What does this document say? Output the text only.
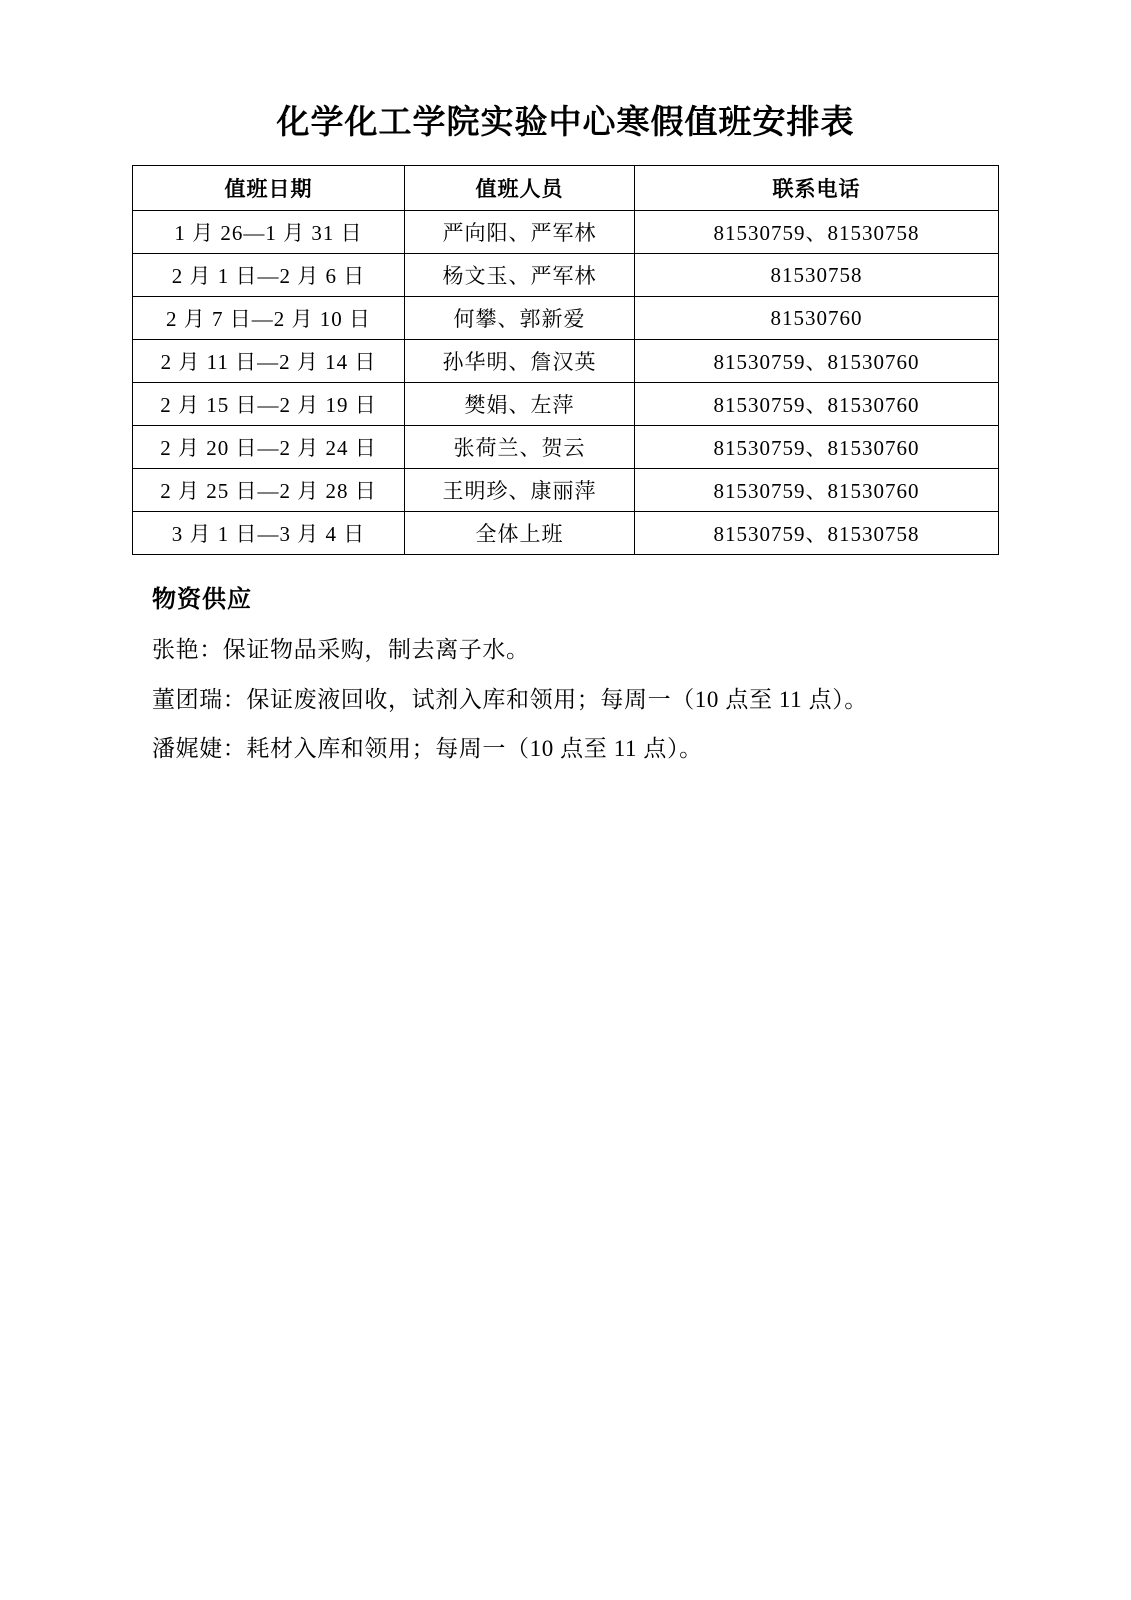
化学化工学院实验中心寒假值班安排表
值班日期	值班人员	联系电话
1 月 26—1 月 31 日	严向阳、严军林	81530759、81530758
2 月 1 日—2 月 6 日	杨文玉、严军林	81530758
2 月 7 日—2 月 10 日	何攀、郭新爱	81530760
2 月 11 日—2 月 14 日	孙华明、詹汉英	81530759、81530760
2 月 15 日—2 月 19 日	樊娟、左萍	81530759、81530760
2 月 20 日—2 月 24 日	张荷兰、贺云	81530759、81530760
2 月 25 日—2 月 28 日	王明珍、康丽萍	81530759、81530760
3 月 1 日—3 月 4 日	全体上班	81530759、81530758
物资供应

张艳：保证物品采购，制去离子水。

董团瑞：保证废液回收，试剂入库和领用；每周一（10 点至 11 点）。

潘娓婕：耗材入库和领用；每周一（10 点至 11 点）。
